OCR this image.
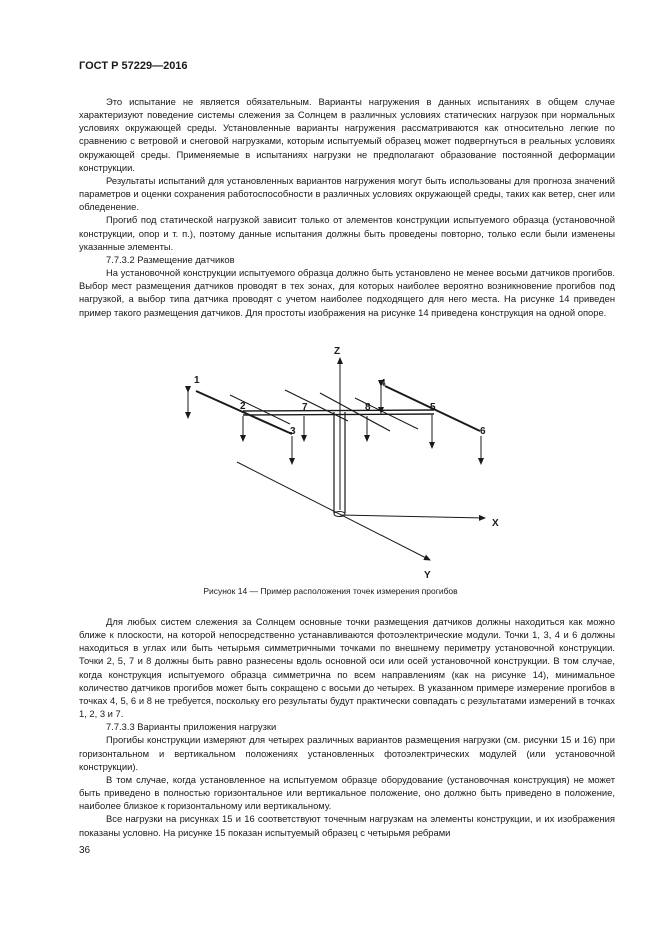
ГОСТ Р 57229—2016

Это испытание не является обязательным. Варианты нагружения в данных испытаниях в общем случае характеризуют поведение системы слежения за Солнцем в различных условиях статических нагрузок при нормальных условиях окружающей среды. Установленные варианты нагружения рассматриваются как относительно легкие по сравнению с ветровой и снеговой нагрузками, которым испытуемый образец может подвергнуться в реальных условиях окружающей среды. Применяемые в испытаниях нагрузки не предполагают образование постоянной деформации конструкции.

Результаты испытаний для установленных вариантов нагружения могут быть использованы для прогноза значений параметров и оценки сохранения работоспособности в различных условиях окружающей среды, таких как ветер, снег или обледенение.

Прогиб под статической нагрузкой зависит только от элементов конструкции испытуемого образца (установочной конструкции, опор и т. п.), поэтому данные испытания должны быть проведены повторно, только если были изменены указанные элементы.

7.7.3.2 Размещение датчиков

На установочной конструкции испытуемого образца должно быть установлено не менее восьми датчиков прогибов. Выбор мест размещения датчиков проводят в тех зонах, для которых наиболее вероятно возникновение прогибов под нагрузкой, а выбор типа датчика проводят с учетом наиболее подходящего для него места. На рисунке 14 приведен пример такого размещения датчиков. Для простоты изображения на рисунке 14 приведена конструкция на одной опоре.

Z
X
Y
1
2
3
4
5
6
7	8
Рисунок 14 — Пример расположения точек измерения прогибов

Для любых систем слежения за Солнцем основные точки размещения датчиков должны находиться как можно ближе к плоскости, на которой непосредственно устанавливаются фотоэлектрические модули. Точки 1, 3, 4 и 6 должны находиться в углах или быть четырьмя симметричными точками по внешнему периметру установочной конструкции. Точки 2, 5, 7 и 8 должны быть равно разнесены вдоль основной оси или осей установочной конструкции. В том случае, когда конструкция испытуемого образца симметрична по всем направлениям (как на рисунке 14), минимальное количество датчиков прогибов может быть сокращено с восьми до четырех. В указанном примере измерение прогибов в точках 4, 5, 6 и 8 не требуется, поскольку его результаты будут практически совпадать с результатами измерений в точках 1, 2, 3 и 7.

7.7.3.3 Варианты приложения нагрузки

Прогибы конструкции измеряют для четырех различных вариантов размещения нагрузки (см. рисунки 15 и 16) при горизонтальном и вертикальном положениях установленных фотоэлектрических модулей (или установочной конструкции).

В том случае, когда установленное на испытуемом образце оборудование (установочная конструкция) не может быть приведено в полностью горизонтальное или вертикальное положение, оно должно быть приведено в положение, наиболее близкое к горизонтальному или вертикальному.

Все нагрузки на рисунках 15 и 16 соответствуют точечным нагрузкам на элементы конструкции, и их изображения показаны условно. На рисунке 15 показан испытуемый образец с четырьмя ребрами

36
